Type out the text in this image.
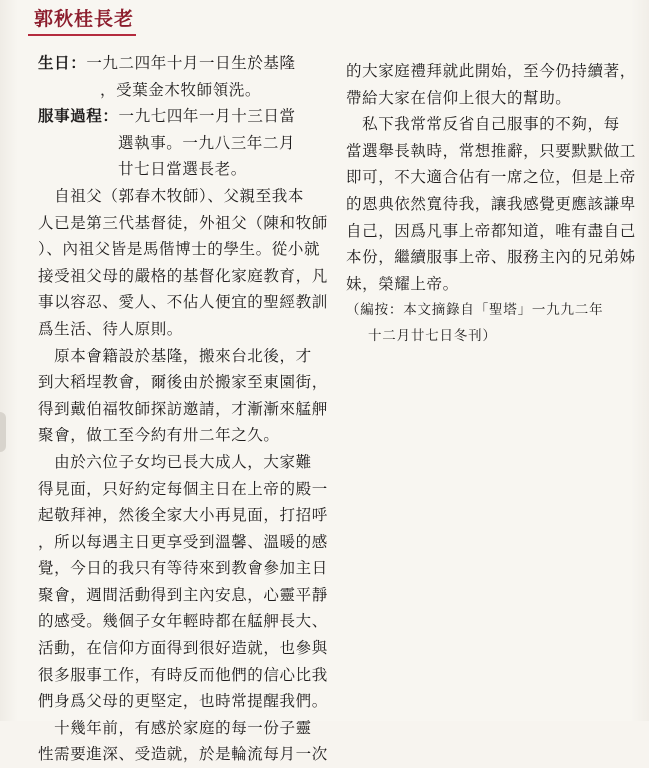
郭秋桂長老
生日：一九二四年十月一日生於基隆
，受葉金木牧師領洗。
服事過程：一九七四年一月十三日當
選執事。一九八三年二月
廿七日當選長老。
　自祖父（郭春木牧師）、父親至我本
人已是第三代基督徒，外祖父（陳和牧師
）、內祖父皆是馬偕博士的學生。從小就
接受祖父母的嚴格的基督化家庭教育，凡
事以容忍、愛人、不佔人便宜的聖經教訓
爲生活、待人原則。
　原本會籍設於基隆，搬來台北後，才
到大稻埕教會，爾後由於搬家至東園街，
得到戴伯福牧師探訪邀請，才漸漸來艋舺
聚會，做工至今約有卅二年之久。
　由於六位子女均已長大成人，大家難
得見面，只好約定每個主日在上帝的殿一
起敬拜神，然後全家大小再見面，打招呼
，所以每遇主日更享受到溫馨、溫暖的感
覺，今日的我只有等待來到教會參加主日
聚會，週間活動得到主內安息，心靈平靜
的感受。幾個子女年輕時都在艋舺長大、
活動，在信仰方面得到很好造就，也參與
很多服事工作，有時反而他們的信心比我
們身爲父母的更堅定，也時常提醒我們。
　十幾年前，有感於家庭的每一份子靈
性需要進深、受造就，於是輪流每月一次
的大家庭禮拜就此開始，至今仍持續著，
帶給大家在信仰上很大的幫助。
　私下我常常反省自己服事的不夠，每
當選舉長執時，常想推辭，只要默默做工
即可，不大適合佔有一席之位，但是上帝
的恩典依然寬待我，讓我感覺更應該謙卑
自己，因爲凡事上帝都知道，唯有盡自己
本份，繼續服事上帝、服務主內的兄弟姊
妹，榮耀上帝。
（編按：本文摘錄自「聖塔」一九九二年
十二月廿七日冬刊）
